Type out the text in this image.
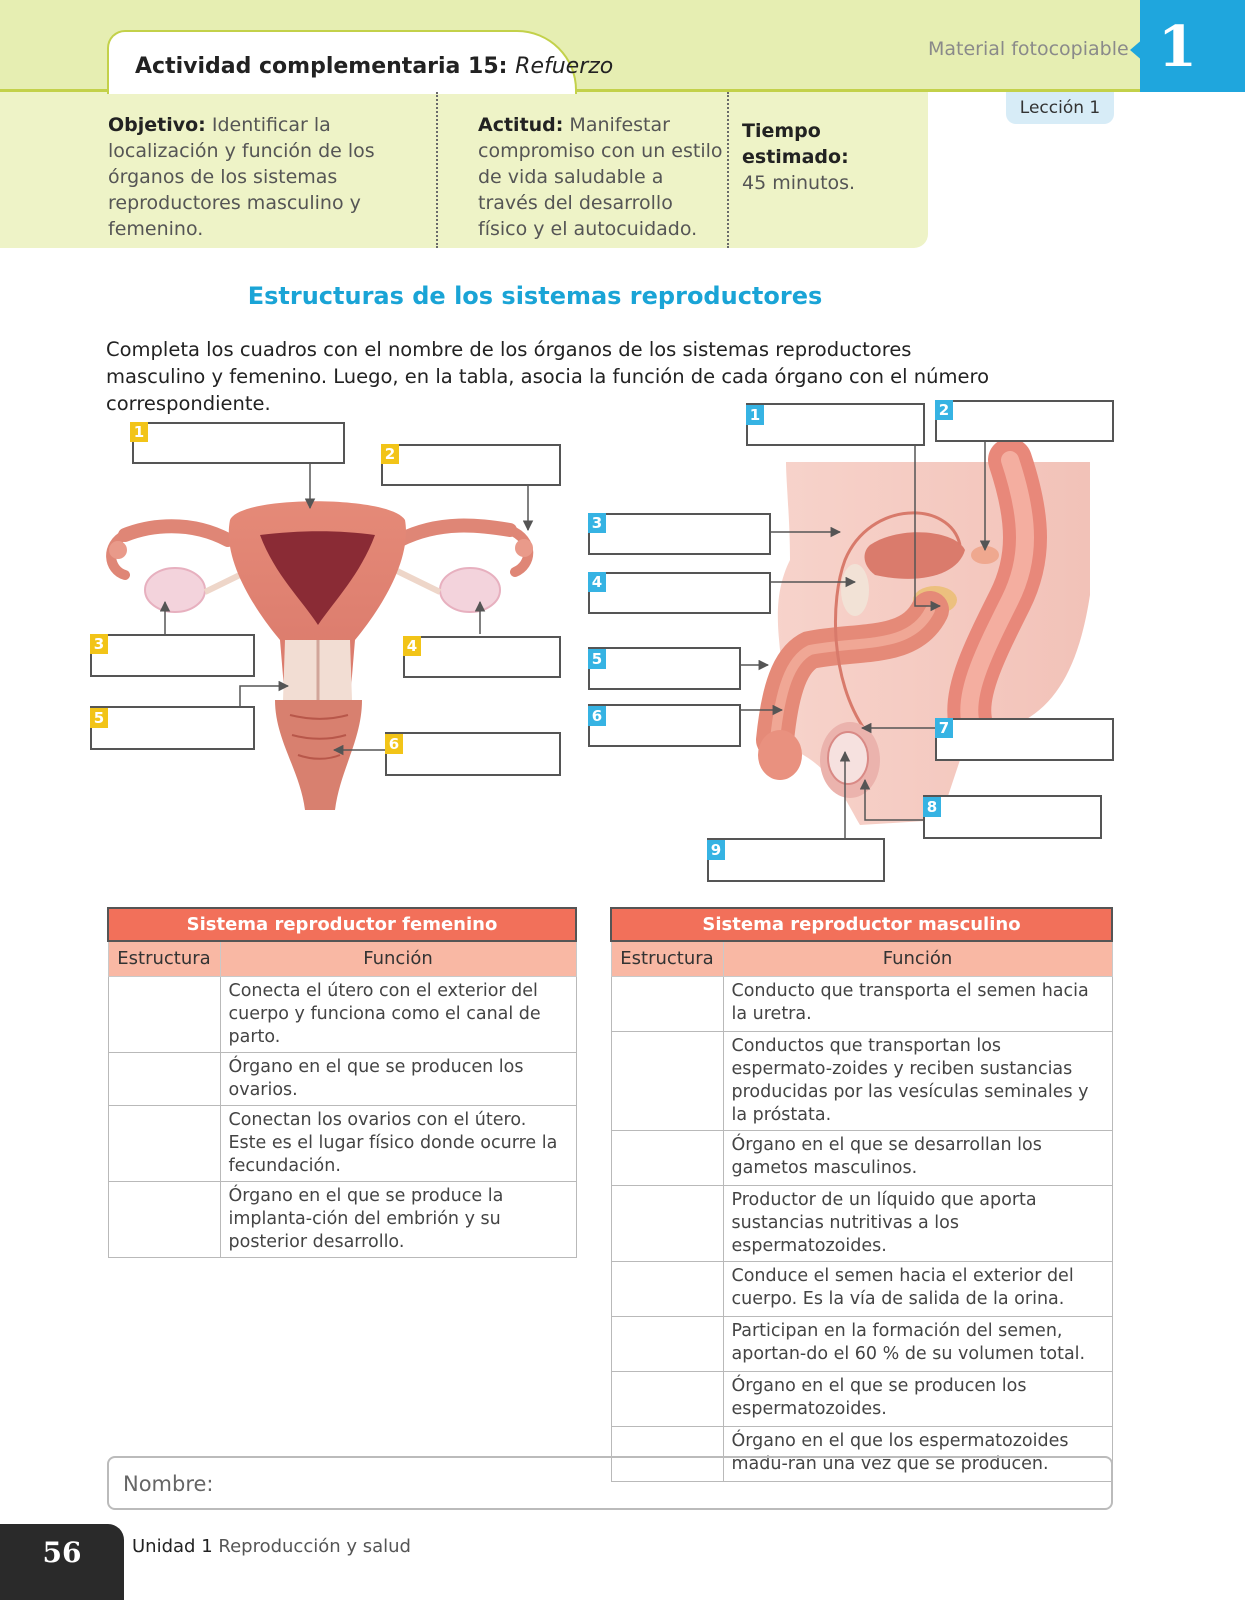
Actividad complementaria 15: Refuerzo
Material fotocopiable 1
Lección 1
Objetivo: Identificar la localización y función de los órganos de los sistemas reproductores masculino y femenino.
Actitud: Manifestar compromiso con un estilo de vida saludable a través del desarrollo físico y el autocuidado.
Tiempo estimado:
45 minutos.
Estructuras de los sistemas reproductores
Completa los cuadros con el nombre de los órganos de los sistemas reproductores masculino y femenino. Luego, en la tabla, asocia la función de cada órgano con el número correspondiente.
1
2
3	4
5
6
1	2
3
4
5
6
7
8
9
Sistema reproductor femenino	
Estructura	Función
	Conecta el útero con el exterior del cuerpo y funciona como el canal de parto.
	Órgano en el que se producen los ovarios.
	Conectan los ovarios con el útero. Este es el lugar físico donde ocurre la fecundación.
	Órgano en el que se produce la implanta-ción del embrión y su posterior desarrollo.
Sistema reproductor masculino	
Estructura	Función
	Conducto que transporta el semen hacia la uretra.
	Conductos que transportan los espermato-zoides y reciben sustancias producidas por las vesículas seminales y la próstata.
	Órgano en el que se desarrollan los gametos masculinos.
	Productor de un líquido que aporta sustancias nutritivas a los espermatozoides.
	Conduce el semen hacia el exterior del cuerpo. Es la vía de salida de la orina.
	Participan en la formación del semen, aportan-do el 60 % de su volumen total.
	Órgano en el que se producen los espermatozoides.
	Órgano en el que los espermatozoides madu-ran una vez que se producen.
Nombre:
56	Unidad 1 Reproducción y salud
